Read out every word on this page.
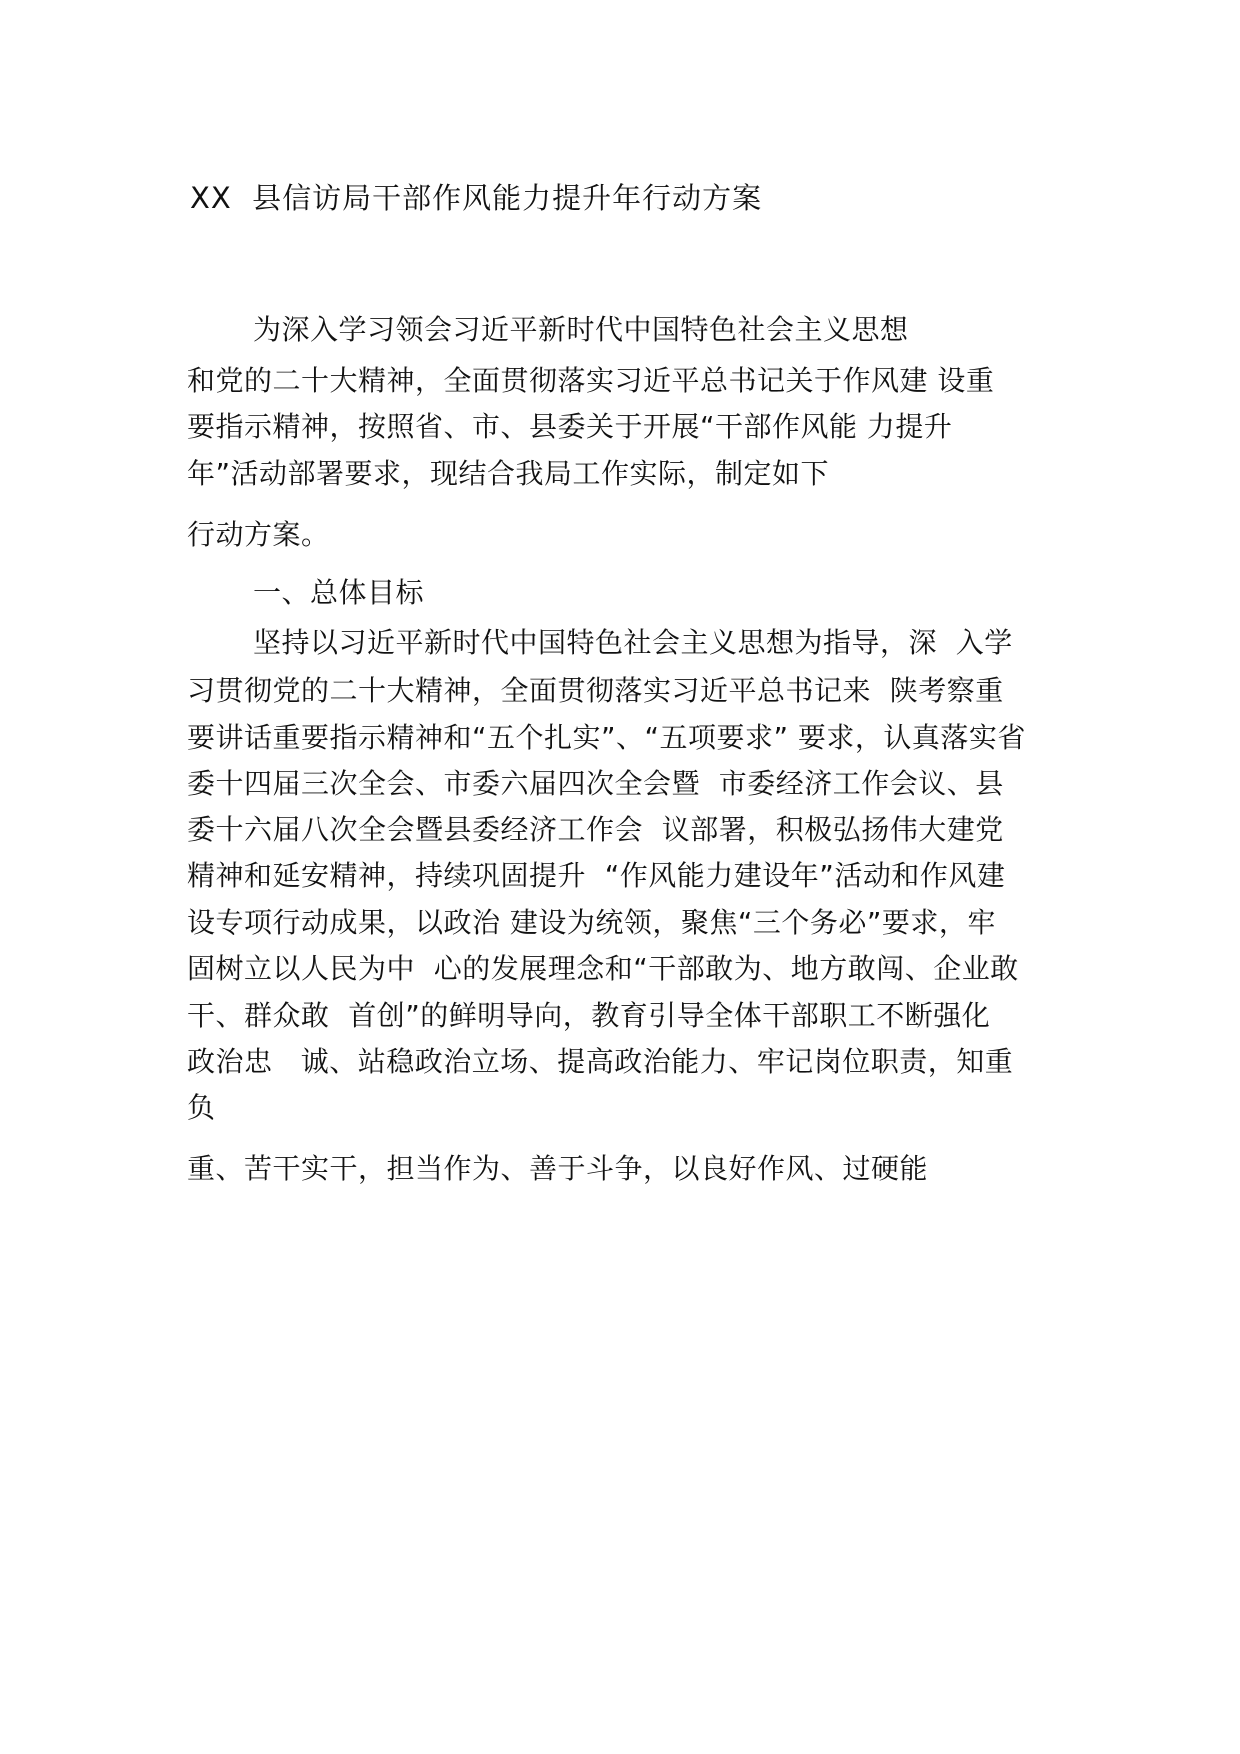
XX  县信访局干部作风能力提升年行动方案
为深入学习领会习近平新时代中国特色社会主义思想
和党的二十大精神，全面贯彻落实习近平总书记关于作风建 设重
要指示精神，按照省、市、县委关于开展“干部作风能 力提升
年”活动部署要求，现结合我局工作实际，制定如下
行动方案。
一、总体目标
坚持以习近平新时代中国特色社会主义思想为指导，深  入学
习贯彻党的二十大精神，全面贯彻落实习近平总书记来  陕考察重
要讲话重要指示精神和“五个扎实”、“五项要求” 要求，认真落实省
委十四届三次全会、市委六届四次全会暨  市委经济工作会议、县
委十六届八次全会暨县委经济工作会  议部署，积极弘扬伟大建党
精神和延安精神，持续巩固提升  “作风能力建设年”活动和作风建
设专项行动成果，以政治 建设为统领，聚焦“三个务必”要求，牢
固树立以人民为中  心的发展理念和“干部敢为、地方敢闯、企业敢
干、群众敢  首创”的鲜明导向，教育引导全体干部职工不断强化
政治忠   诚、站稳政治立场、提高政治能力、牢记岗位职责，知重
负
重、苦干实干，担当作为、善于斗争，以良好作风、过硬能
